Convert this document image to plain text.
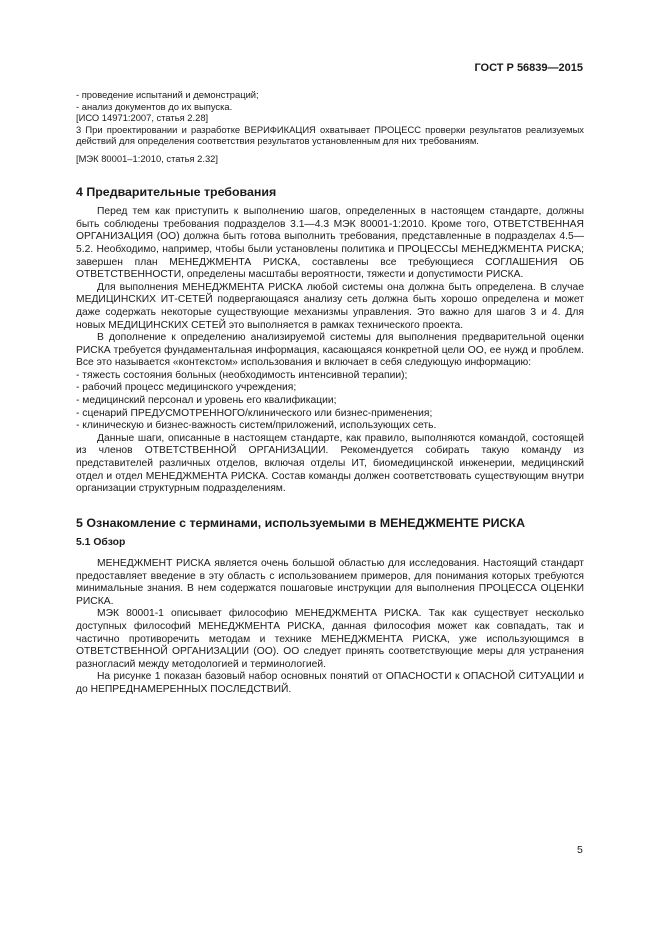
ГОСТ Р 56839—2015

- проведение испытаний и демонстраций;

- анализ документов до их выпуска.

[ИСО 14971:2007, статья 2.28]

3 При проектировании и разработке ВЕРИФИКАЦИЯ охватывает ПРОЦЕСС проверки результатов реализуемых действий для определения соответствия результатов установленным для них требованиям.

[МЭК 80001–1:2010, статья 2.32]

4 Предварительные требования

Перед тем как приступить к выполнению шагов, определенных в настоящем стандарте, должны быть соблюдены требования подразделов 3.1—4.3 МЭК 80001-1:2010. Кроме того, ОТВЕТСТВЕННАЯ ОРГАНИЗАЦИЯ (ОО) должна быть готова выполнить требования, представленные в подразделах 4.5—5.2. Необходимо, например, чтобы были установлены политика и ПРОЦЕССЫ МЕНЕДЖМЕНТА РИСКА; завершен план МЕНЕДЖМЕНТА РИСКА, составлены все требующиеся СОГЛАШЕНИЯ ОБ ОТВЕТСТВЕННОСТИ, определены масштабы вероятности, тяжести и допустимости РИСКА.

Для выполнения МЕНЕДЖМЕНТА РИСКА любой системы она должна быть определена. В случае МЕДИЦИНСКИХ ИТ-СЕТЕЙ подвергающаяся анализу сеть должна быть хорошо определена и может даже содержать некоторые существующие механизмы управления. Это важно для шагов 3 и 4. Для новых МЕДИЦИНСКИХ СЕТЕЙ это выполняется в рамках технического проекта.

В дополнение к определению анализируемой системы для выполнения предварительной оценки РИСКА требуется фундаментальная информация, касающаяся конкретной цели ОО, ее нужд и проблем. Все это называется «контекстом» использования и включает в себя следующую информацию:

- тяжесть состояния больных (необходимость интенсивной терапии);

- рабочий процесс медицинского учреждения;

- медицинский персонал и уровень его квалификации;

- сценарий ПРЕДУСМОТРЕННОГО/клинического или бизнес-применения;

- клиническую и бизнес-важность систем/приложений, использующих сеть.

Данные шаги, описанные в настоящем стандарте, как правило, выполняются командой, состоящей из членов ОТВЕТСТВЕННОЙ ОРГАНИЗАЦИИ. Рекомендуется собирать такую команду из представителей различных отделов, включая отделы ИТ, биомедицинской инженерии, медицинский отдел и отдел МЕНЕДЖМЕНТА РИСКА. Состав команды должен соответствовать существующим внутри организации структурным подразделениям.

5 Ознакомление с терминами, используемыми в МЕНЕДЖМЕНТЕ РИСКА
5.1 Обзор

МЕНЕДЖМЕНТ РИСКА является очень большой областью для исследования. Настоящий стандарт предоставляет введение в эту область с использованием примеров, для понимания которых требуются минимальные знания. В нем содержатся пошаговые инструкции для выполнения ПРОЦЕССА ОЦЕНКИ РИСКА.

МЭК 80001-1 описывает философию МЕНЕДЖМЕНТА РИСКА. Так как существует несколько доступных философий МЕНЕДЖМЕНТА РИСКА, данная философия может как совпадать, так и частично противоречить методам и технике МЕНЕДЖМЕНТА РИСКА, уже использующимся в ОТВЕТСТВЕННОЙ ОРГАНИЗАЦИИ (ОО). ОО следует принять соответствующие меры для устранения разногласий между методологией и терминологией.

На рисунке 1 показан базовый набор основных понятий от ОПАСНОСТИ к ОПАСНОЙ СИТУАЦИИ и до НЕПРЕДНАМЕРЕННЫХ ПОСЛЕДСТВИЙ.

5
